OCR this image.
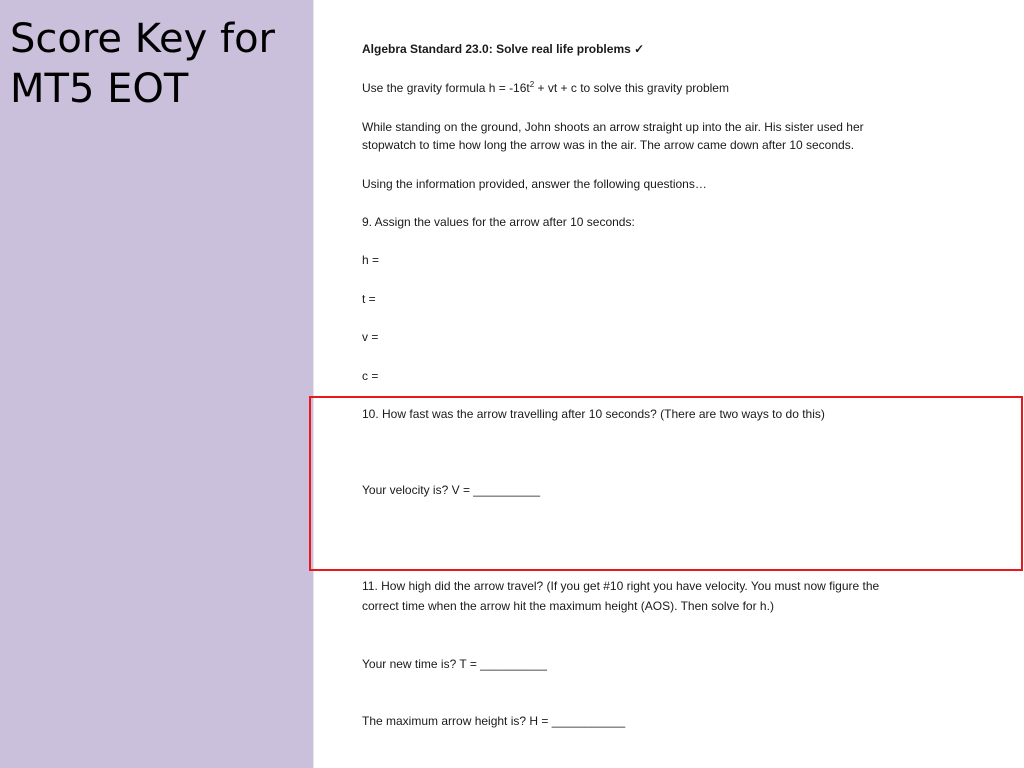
Score Key for
MT5 EOT
Algebra Standard 23.0: Solve real life problems ✓
Use the gravity formula $h = -16t^2$ + vt + c to solve this gravity problem
While standing on the ground, John shoots an arrow straight up into the air. His sister used her
stopwatch to time how long the arrow was in the air. The arrow came down after 10 seconds.
Using the information provided, answer the following questions…
9. Assign the values for the arrow after 10 seconds:
h =
t =
v =
c =
10. How fast was the arrow travelling after 10 seconds? (There are two ways to do this)
Your velocity is? V = __________
11. How high did the arrow travel? (If you get #10 right you have velocity. You must now figure the
correct time when the arrow hit the maximum height (AOS). Then solve for h.)
Your new time is? T = __________
The maximum arrow height is? H = ___________
